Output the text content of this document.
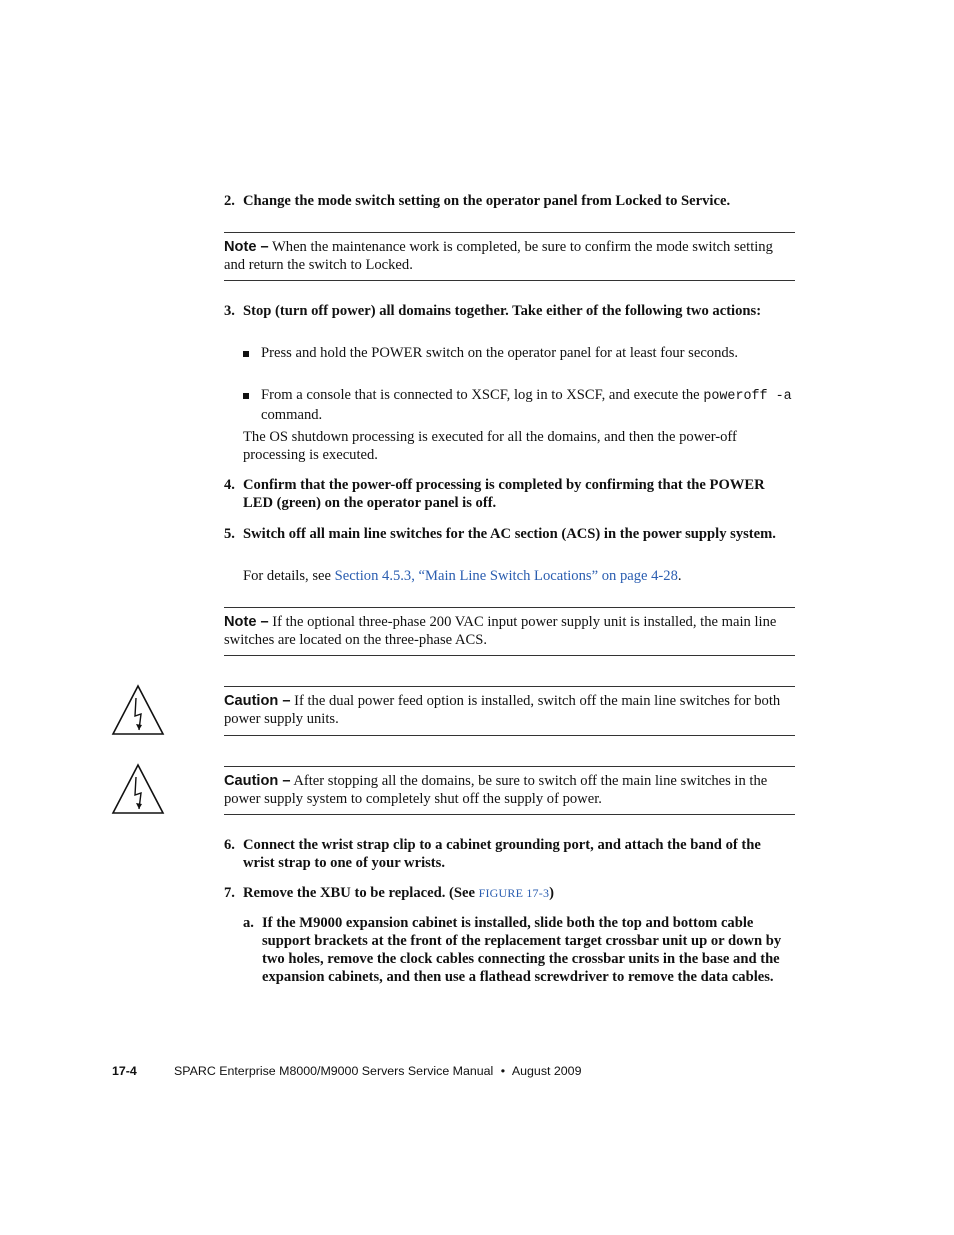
2. Change the mode switch setting on the operator panel from Locked to Service.
Note – When the maintenance work is completed, be sure to confirm the mode switch setting and return the switch to Locked.
3. Stop (turn off power) all domains together. Take either of the following two actions:
Press and hold the POWER switch on the operator panel for at least four seconds.
From a console that is connected to XSCF, log in to XSCF, and execute the poweroff -a command.
The OS shutdown processing is executed for all the domains, and then the power-off processing is executed.
4. Confirm that the power-off processing is completed by confirming that the POWER LED (green) on the operator panel is off.
5. Switch off all main line switches for the AC section (ACS) in the power supply system.
For details, see Section 4.5.3, “Main Line Switch Locations” on page 4-28.
Note – If the optional three-phase 200 VAC input power supply unit is installed, the main line switches are located on the three-phase ACS.
Caution – If the dual power feed option is installed, switch off the main line switches for both power supply units.
Caution – After stopping all the domains, be sure to switch off the main line switches in the power supply system to completely shut off the supply of power.
6. Connect the wrist strap clip to a cabinet grounding port, and attach the band of the wrist strap to one of your wrists.
7. Remove the XBU to be replaced. (See FIGURE 17-3)
a. If the M9000 expansion cabinet is installed, slide both the top and bottom cable support brackets at the front of the replacement target crossbar unit up or down by two holes, remove the clock cables connecting the crossbar units in the base and the expansion cabinets, and then use a flathead screwdriver to remove the data cables.
17-4	SPARC Enterprise M8000/M9000 Servers Service Manual • August 2009
